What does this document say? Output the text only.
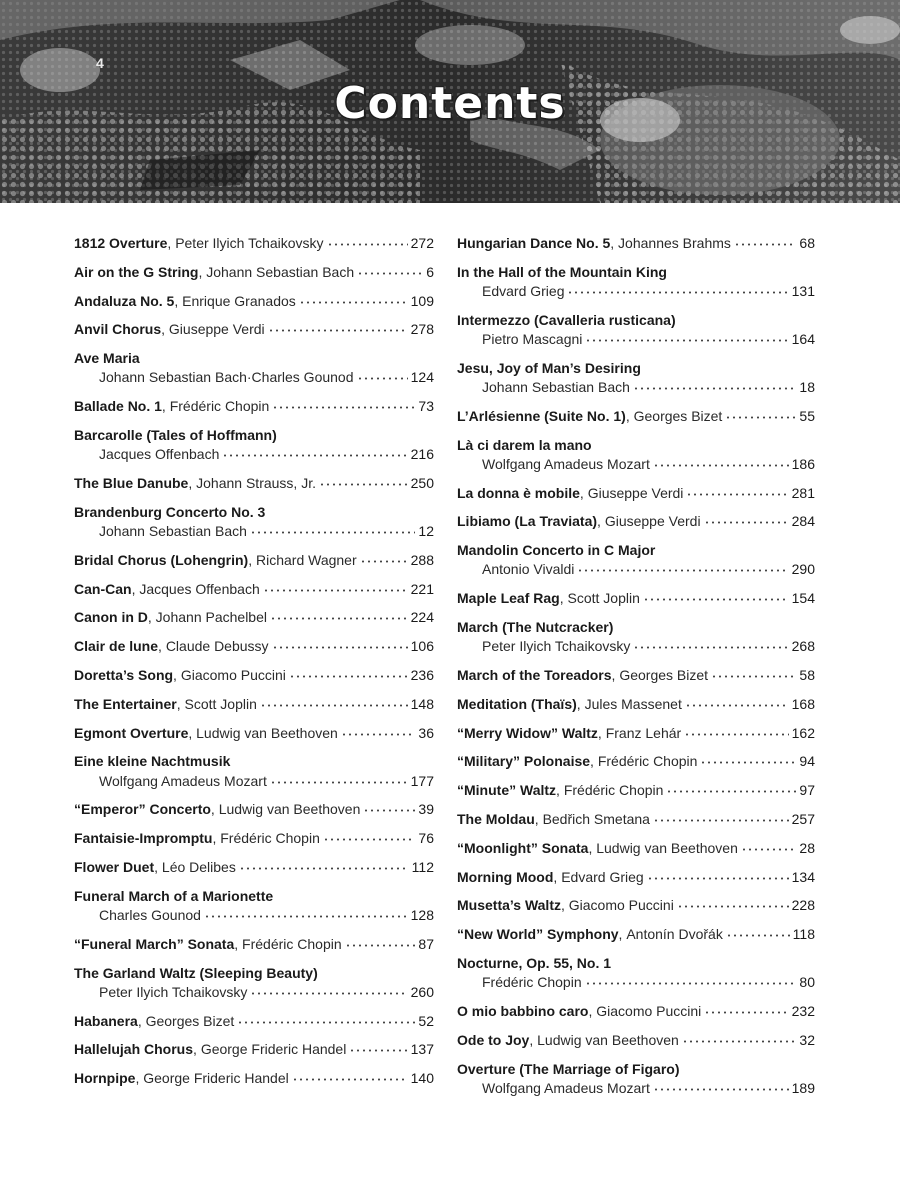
4
Contents
1812 Overture , Peter Ilyich Tchaikovsky	272
Air on the G String , Johann Sebastian Bach	6
Andaluza No. 5 , Enrique Granados	109
Anvil Chorus , Giuseppe Verdi	278
Ave Maria
Johann Sebastian Bach·Charles Gounod	124
Ballade No. 1 , Frédéric Chopin	73
Barcarolle (Tales of Hoffmann)
Jacques Offenbach	216
The Blue Danube , Johann Strauss, Jr.	250
Brandenburg Concerto No. 3
Johann Sebastian Bach	12
Bridal Chorus (Lohengrin) , Richard Wagner	288
Can-Can , Jacques Offenbach	221
Canon in D , Johann Pachelbel	224
Clair de lune , Claude Debussy	106
Doretta’s Song , Giacomo Puccini	236
The Entertainer , Scott Joplin	148
Egmont Overture , Ludwig van Beethoven	36
Eine kleine Nachtmusik
Wolfgang Amadeus Mozart	177
“Emperor” Concerto , Ludwig van Beethoven	39
Fantaisie-Impromptu , Frédéric Chopin	76
Flower Duet , Léo Delibes	112
Funeral March of a Marionette
Charles Gounod	128
“Funeral March” Sonata , Frédéric Chopin	87
The Garland Waltz (Sleeping Beauty)
Peter Ilyich Tchaikovsky	260
Habanera , Georges Bizet	52
Hallelujah Chorus , George Frideric Handel	137
Hornpipe , George Frideric Handel	140
Hungarian Dance No. 5 , Johannes Brahms	68
In the Hall of the Mountain King
Edvard Grieg	131
Intermezzo (Cavalleria rusticana)
Pietro Mascagni	164
Jesu, Joy of Man’s Desiring
Johann Sebastian Bach	18
L’Arlésienne (Suite No. 1) , Georges Bizet	55
Là ci darem la mano
Wolfgang Amadeus Mozart	186
La donna è mobile , Giuseppe Verdi	281
Libiamo (La Traviata) , Giuseppe Verdi	284
Mandolin Concerto in C Major
Antonio Vivaldi	290
Maple Leaf Rag , Scott Joplin	154
March (The Nutcracker)
Peter Ilyich Tchaikovsky	268
March of the Toreadors , Georges Bizet	58
Meditation (Thaïs) , Jules Massenet	168
“Merry Widow” Waltz , Franz Lehár	162
“Military” Polonaise , Frédéric Chopin	94
“Minute” Waltz , Frédéric Chopin	97
The Moldau , Bedřich Smetana	257
“Moonlight” Sonata , Ludwig van Beethoven	28
Morning Mood , Edvard Grieg	134
Musetta’s Waltz , Giacomo Puccini	228
“New World” Symphony , Antonín Dvořák	118
Nocturne, Op. 55, No. 1
Frédéric Chopin	80
O mio babbino caro , Giacomo Puccini	232
Ode to Joy , Ludwig van Beethoven	32
Overture (The Marriage of Figaro)
Wolfgang Amadeus Mozart	189
